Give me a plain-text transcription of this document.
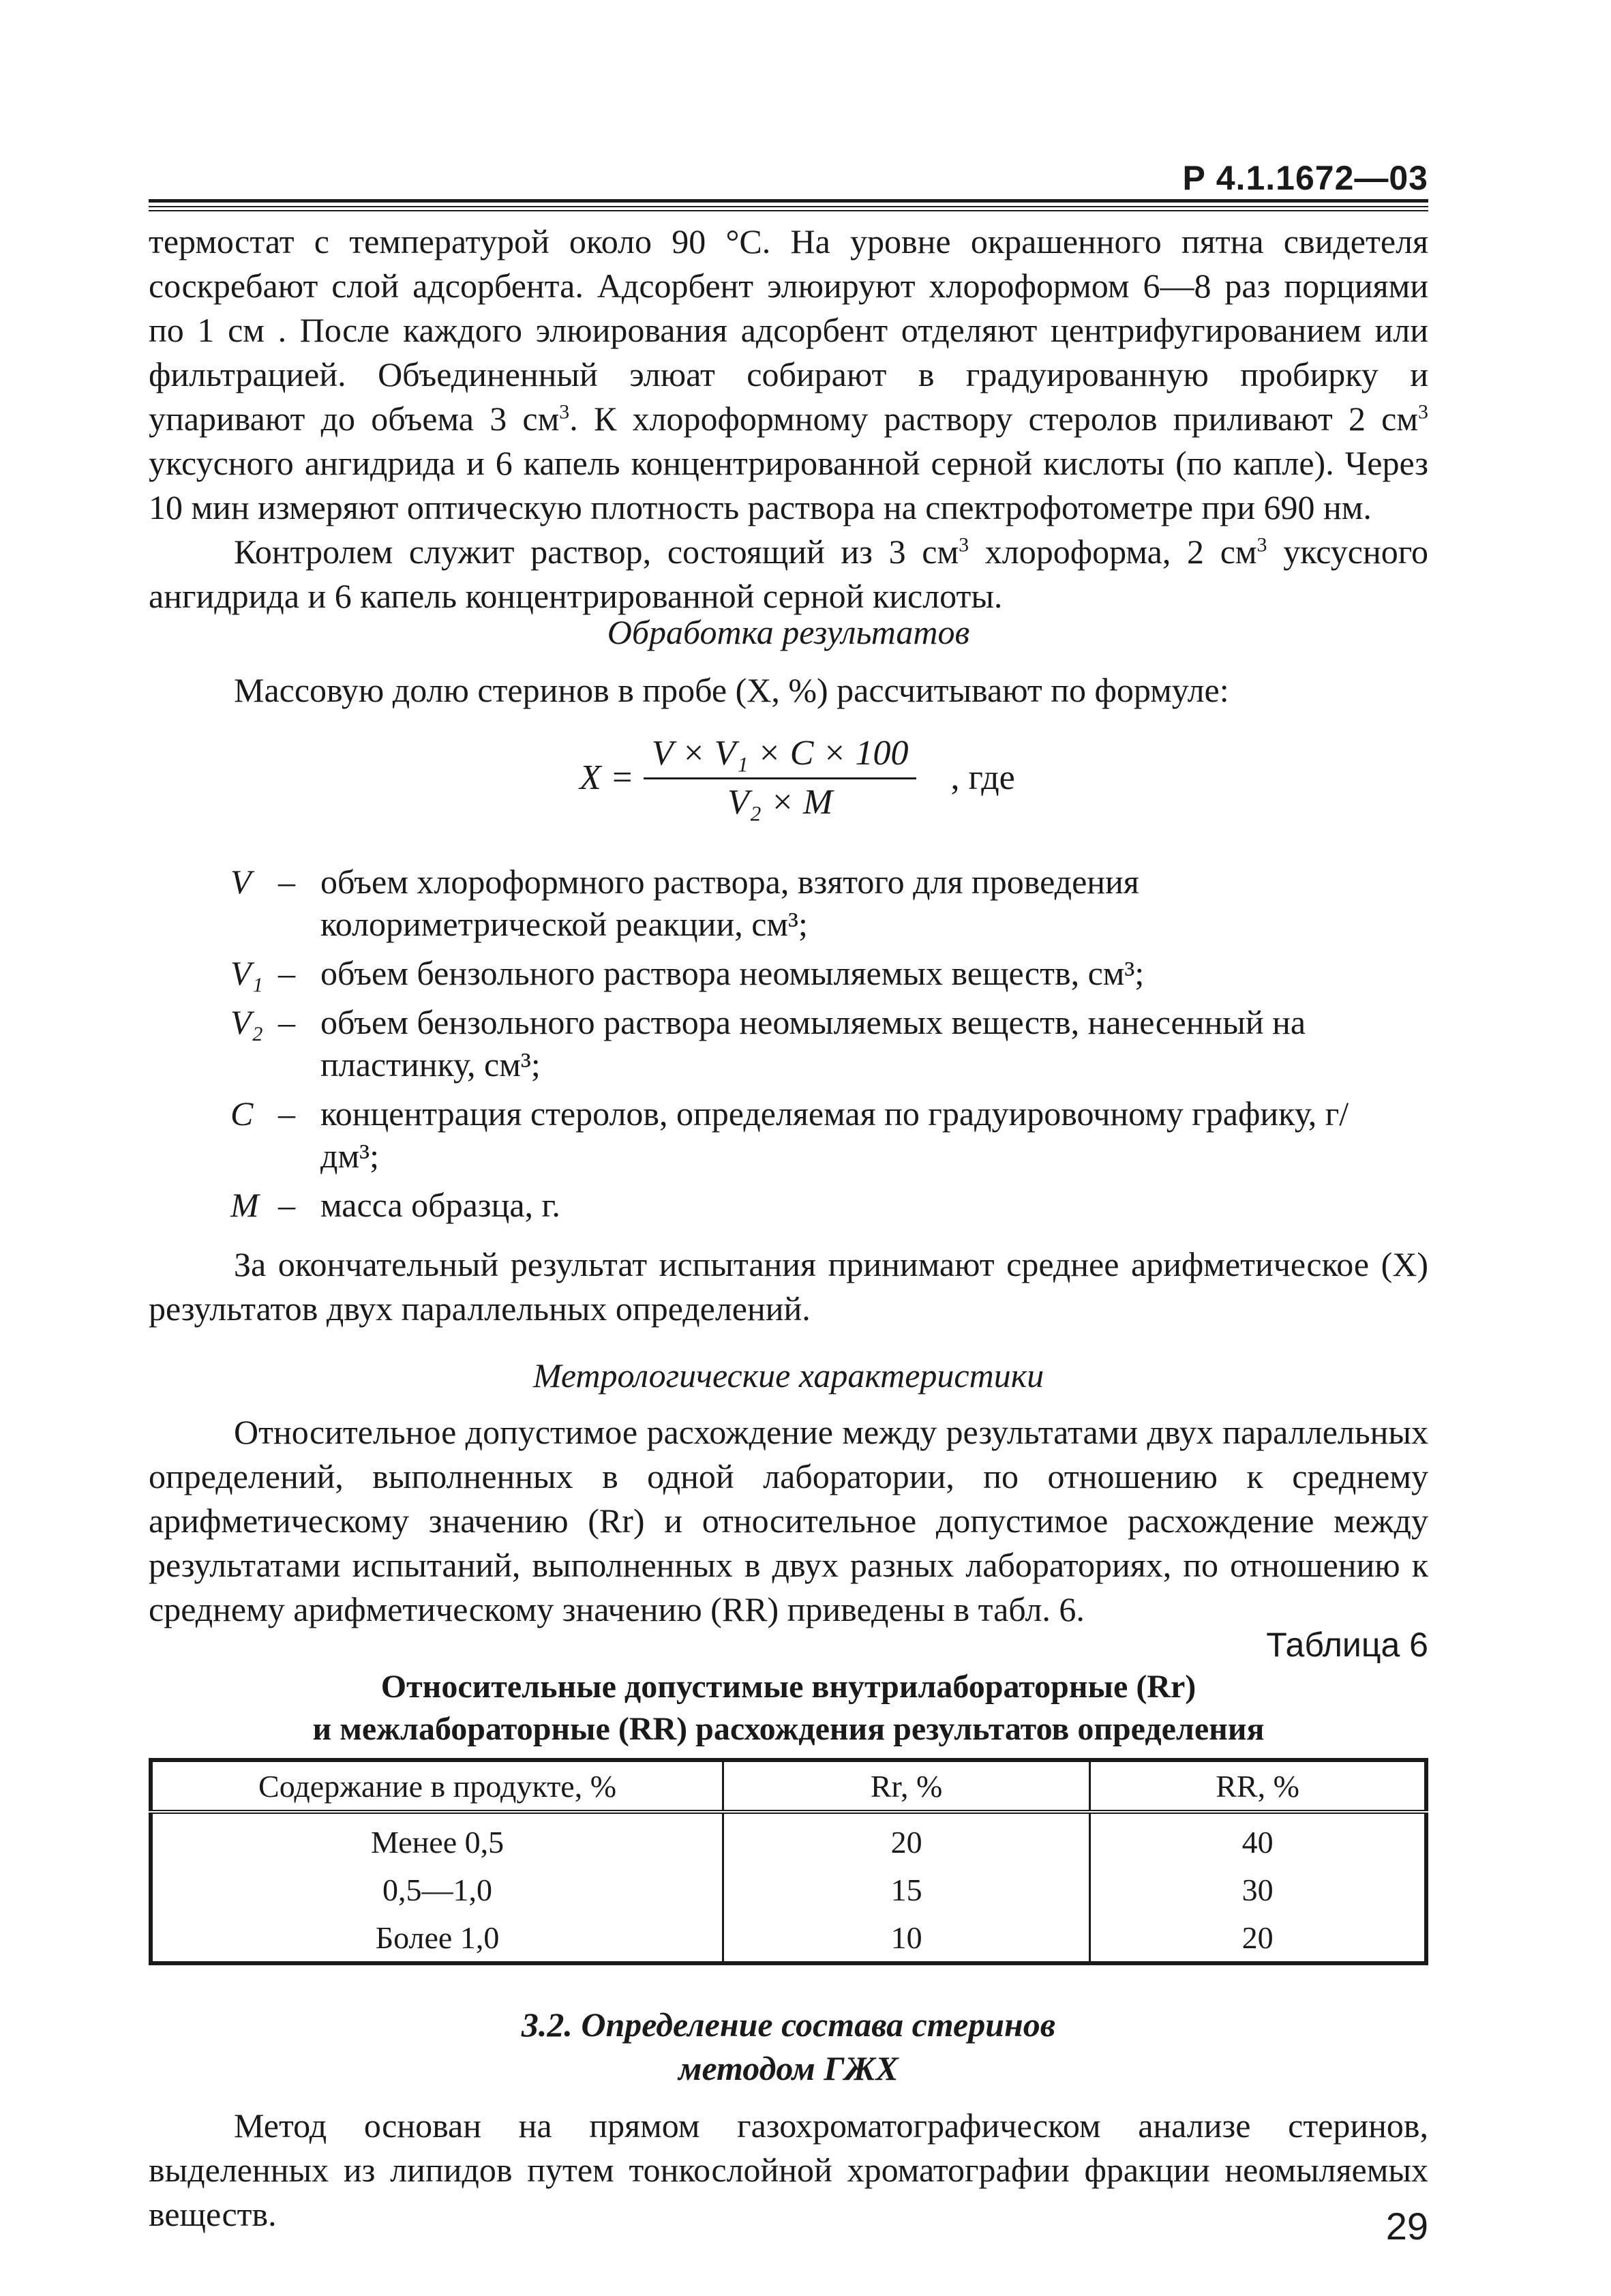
Р 4.1.1672—03

термостат с температурой около 90 °С. На уровне окрашенного пятна свидетеля соскребают слой адсорбента. Адсорбент элюируют хлороформом 6—8 раз порциями по 1 см . После каждого элюирования адсорбент отделяют центрифугированием или фильтрацией. Объединенный элюат собирают в градуированную пробирку и упаривают до объема 3 $см^3$. К хлороформному раствору стеролов приливают 2 $см^3$ уксусного ангидрида и 6 капель концентрированной серной кислоты (по капле). Через 10 мин измеряют оптическую плотность раствора на спектрофотометре при 690 нм.

Контролем служит раствор, состоящий из 3 $см^3$ хлороформа, 2 $см^3$ уксусного ангидрида и 6 капель концентрированной серной кислоты.

Обработка результатов
Массовую долю стеринов в пробе (X, %) рассчитывают по формуле:
$X = \frac{\text{V × V₁ × C × 100}}{\text{V₂ × M}}$ , где
V – объем хлороформного раствора, взятого для проведения колориметрической реакции, см³;
V₁ – объем бензольного раствора неомыляемых веществ, см³;
V₂ – объем бензольного раствора неомыляемых веществ, нанесенный на пластинку, см³;
C – концентрация стеролов, определяемая по градуировочному графику, г/дм³;
M – масса образца, г.
За окончательный результат испытания принимают среднее арифметическое (X) результатов двух параллельных определений.
Метрологические характеристики
Относительное допустимое расхождение между результатами двух параллельных определений, выполненных в одной лаборатории, по отношению к среднему арифметическому значению (Rr) и относительное допустимое расхождение между результатами испытаний, выполненных в двух разных лабораториях, по отношению к среднему арифметическому значению (RR) приведены в табл. 6.
Таблица 6
Относительные допустимые внутрилабораторные (Rr)
и межлабораторные (RR) расхождения результатов определения
Содержание в продукте, %	Rr, %	RR, %
Менее 0,5	20	40
0,5—1,0	15	30
Более 1,0	10	20
3.2. Определение состава стеринов
методом ГЖХ
Метод основан на прямом газохроматографическом анализе стеринов, выделенных из липидов путем тонкослойной хроматографии фракции неомыляемых веществ.	29
